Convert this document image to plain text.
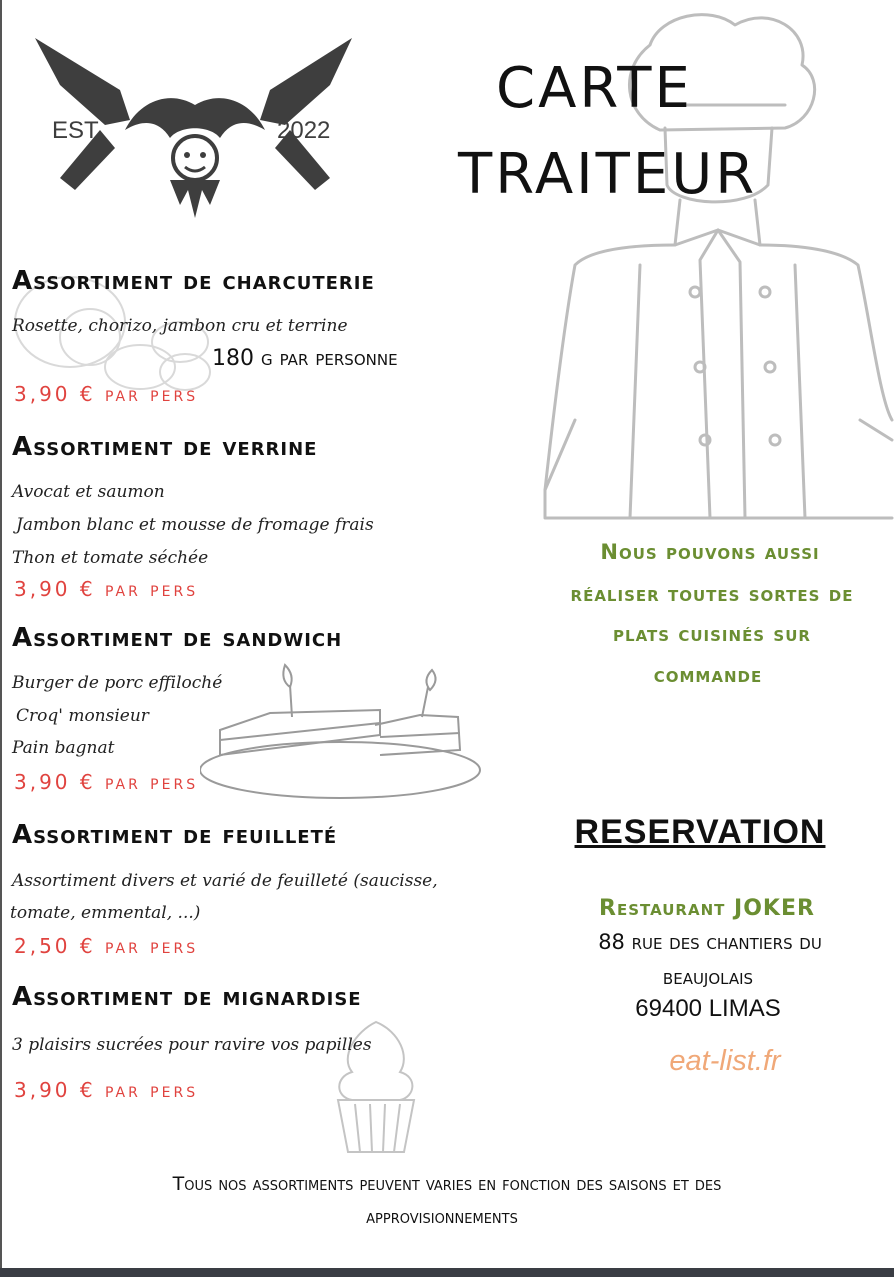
EST.	2022
CARTE
TRAITEUR
Assortiment de charcuterie
Rosette, chorizo, jambon cru et terrine
180 g par personne
3,90 € par pers
Assortiment de verrine
Avocat et saumon
Jambon blanc et mousse de fromage frais
Thon et tomate séchée
3,90 € par pers
Assortiment de sandwich
Burger de porc effiloché
Croq' monsieur
Pain bagnat
3,90 € par pers
Assortiment de feuilleté
Assortiment divers et varié de feuilleté (saucisse,
tomate, emmental, ...)
2,50 € par pers
Assortiment de mignardise
3 plaisirs sucrées pour ravire vos papilles
3,90 € par pers
Nous pouvons aussi
réaliser toutes sortes de
plats cuisinés sur
commande
RESERVATION
Restaurant JOKER
88 rue des chantiers du
beaujolais
69400 LIMAS
eat-list.fr
Tous nos assortiments peuvent varies en fonction des saisons et des
approvisionnements
